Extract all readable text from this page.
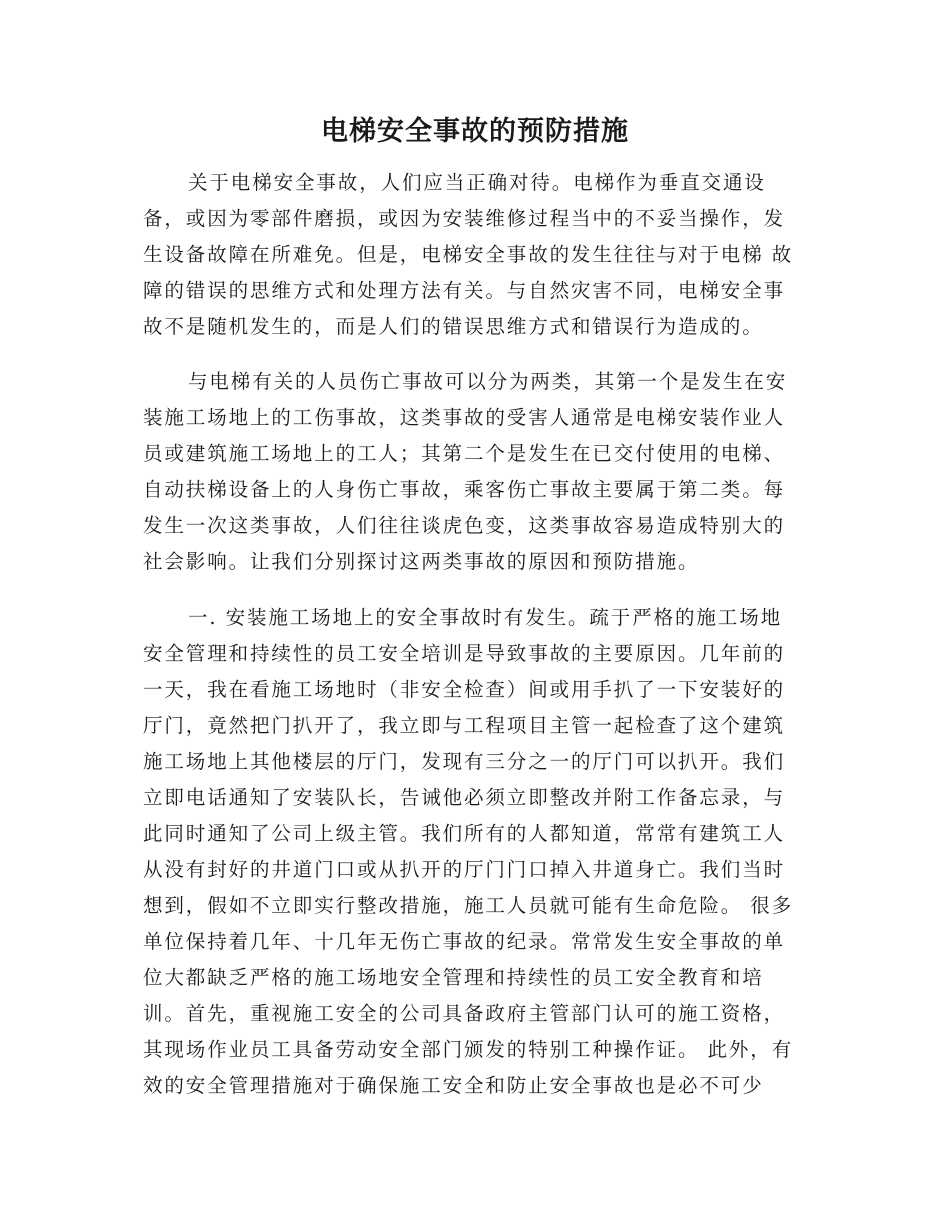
电梯安全事故的预防措施
关于电梯安全事故，人们应当正确对待。电梯作为垂直交通设
备，或因为零部件磨损，或因为安装维修过程当中的不妥当操作，发
生设备故障在所难免。但是，电梯安全事故的发生往往与对于电梯 故
障的错误的思维方式和处理方法有关。与自然灾害不同，电梯安全事
故不是随机发生的，而是人们的错误思维方式和错误行为造成的。
与电梯有关的人员伤亡事故可以分为两类，其第一个是发生在安
装施工场地上的工伤事故，这类事故的受害人通常是电梯安装作业人
员或建筑施工场地上的工人；其第二个是发生在已交付使用的电梯、
自动扶梯设备上的人身伤亡事故，乘客伤亡事故主要属于第二类。每
发生一次这类事故，人们往往谈虎色变，这类事故容易造成特别大的
社会影响。让我们分别探讨这两类事故的原因和预防措施。
一. 安装施工场地上的安全事故时有发生。疏于严格的施工场地
安全管理和持续性的员工安全培训是导致事故的主要原因。几年前的
一天，我在看施工场地时（非安全检查）间或用手扒了一下安装好的
厅门，竟然把门扒开了，我立即与工程项目主管一起检查了这个建筑
施工场地上其他楼层的厅门，发现有三分之一的厅门可以扒开。我们
立即电话通知了安装队长，告诫他必须立即整改并附工作备忘录，与
此同时通知了公司上级主管。我们所有的人都知道，常常有建筑工人
从没有封好的井道门口或从扒开的厅门门口掉入井道身亡。我们当时
想到，假如不立即实行整改措施，施工人员就可能有生命危险。 很多
单位保持着几年、十几年无伤亡事故的纪录。常常发生安全事故的单
位大都缺乏严格的施工场地安全管理和持续性的员工安全教育和培
训。首先，重视施工安全的公司具备政府主管部门认可的施工资格，
其现场作业员工具备劳动安全部门颁发的特别工种操作证。 此外，有
效的安全管理措施对于确保施工安全和防止安全事故也是必不可少
